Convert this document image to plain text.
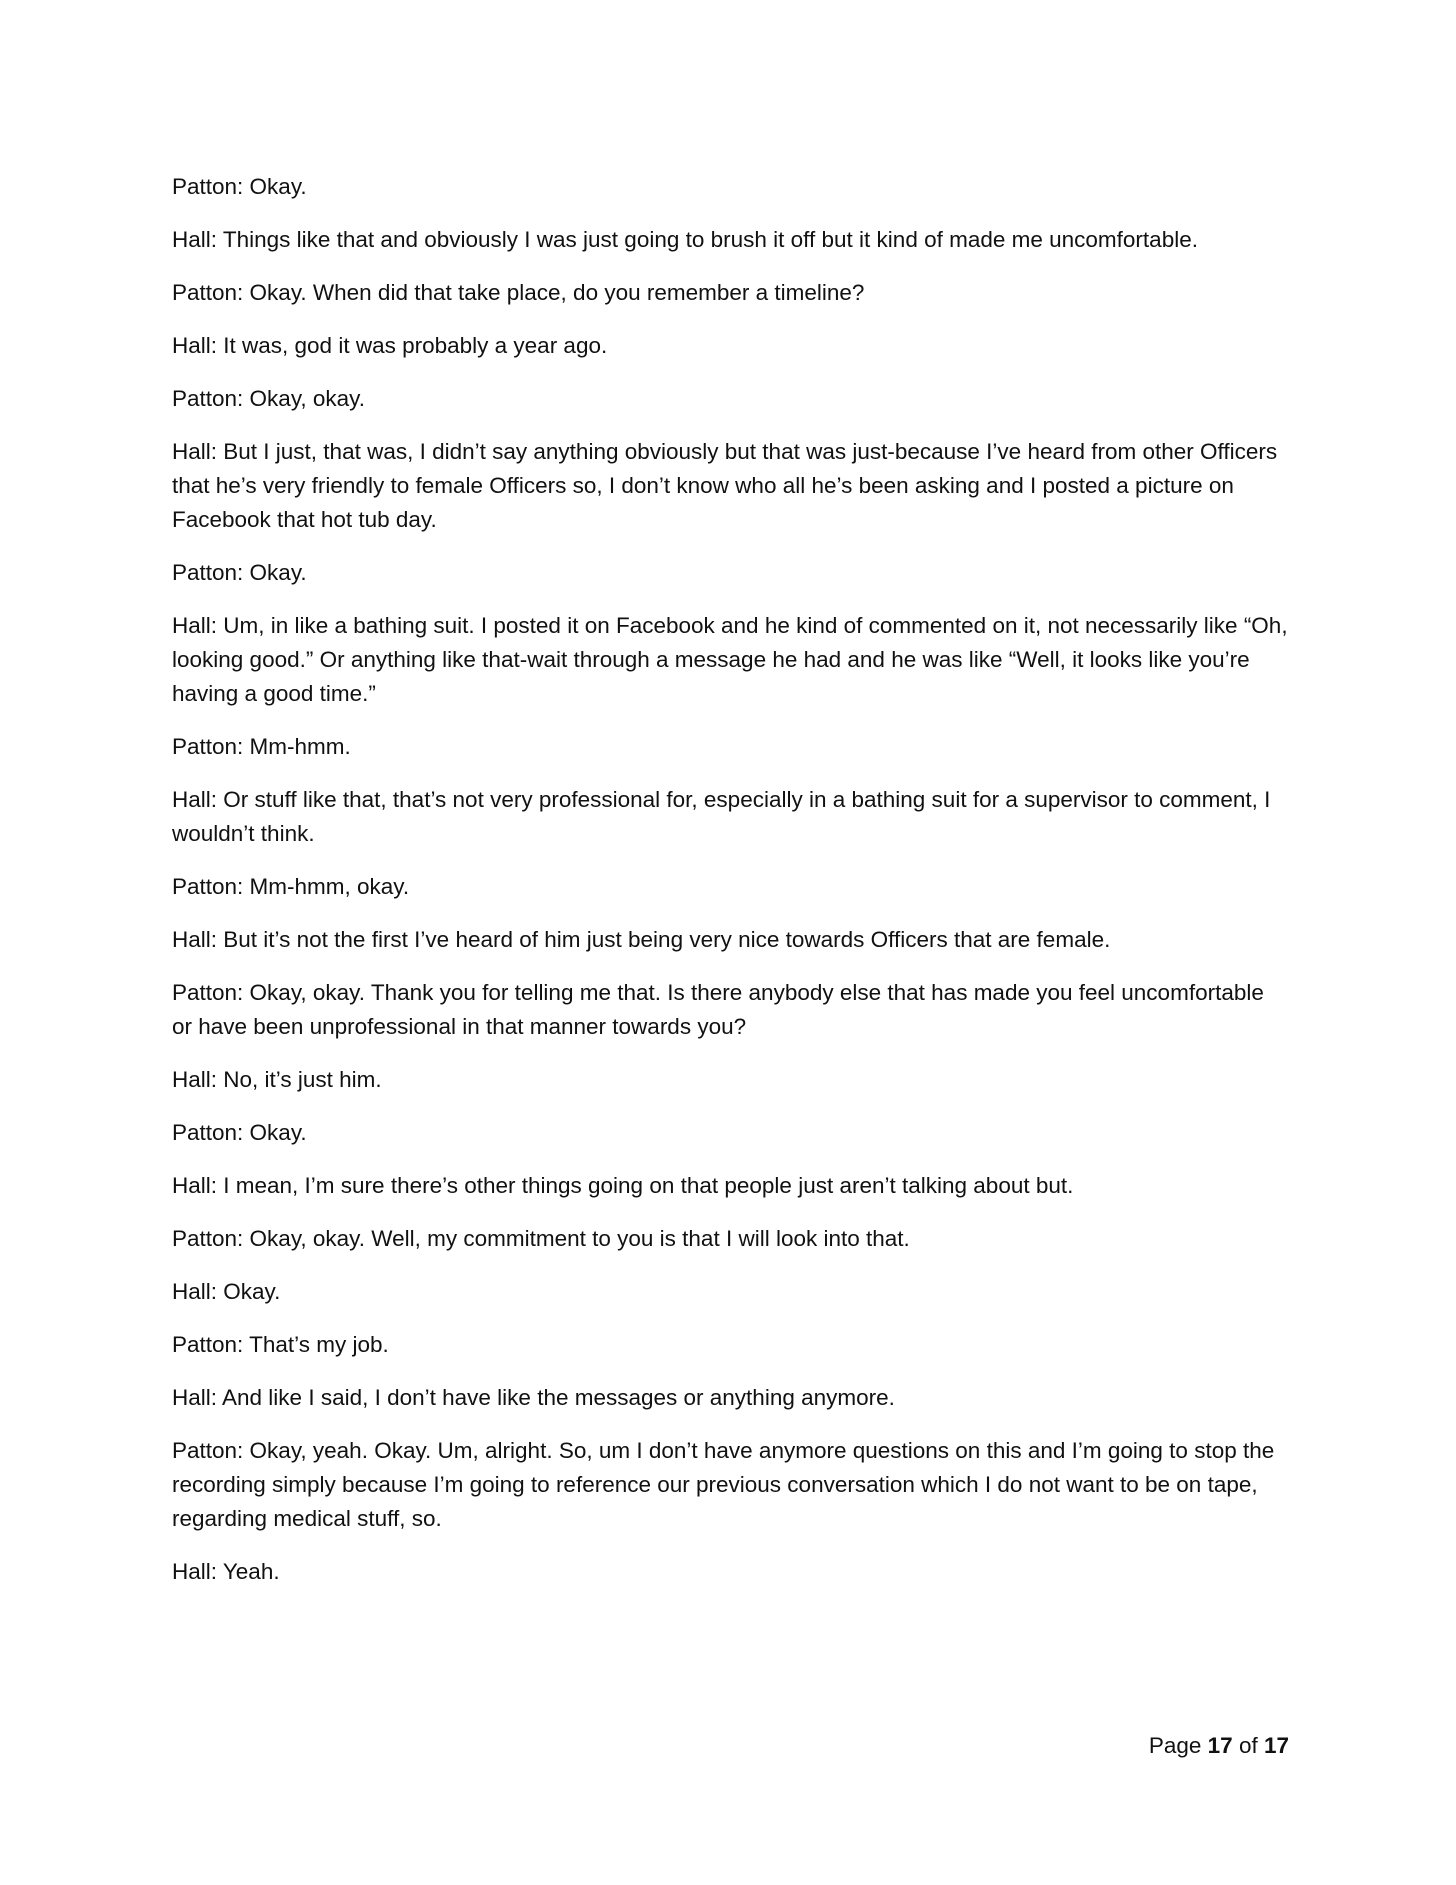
Patton: Okay.

Hall: Things like that and obviously I was just going to brush it off but it kind of made me uncomfortable.

Patton: Okay. When did that take place, do you remember a timeline?

Hall: It was, god it was probably a year ago.

Patton: Okay, okay.

Hall: But I just, that was, I didn’t say anything obviously but that was just-because I’ve heard from other Officers that he’s very friendly to female Officers so, I don’t know who all he’s been asking and I posted a picture on Facebook that hot tub day.

Patton: Okay.

Hall: Um, in like a bathing suit. I posted it on Facebook and he kind of commented on it, not necessarily like “Oh, looking good.” Or anything like that-wait through a message he had and he was like “Well, it looks like you’re having a good time.”

Patton: Mm-hmm.

Hall: Or stuff like that, that’s not very professional for, especially in a bathing suit for a supervisor to comment, I wouldn’t think.

Patton: Mm-hmm, okay.

Hall: But it’s not the first I’ve heard of him just being very nice towards Officers that are female.

Patton: Okay, okay. Thank you for telling me that. Is there anybody else that has made you feel uncomfortable or have been unprofessional in that manner towards you?

Hall: No, it’s just him.

Patton: Okay.

Hall: I mean, I’m sure there’s other things going on that people just aren’t talking about but.

Patton: Okay, okay. Well, my commitment to you is that I will look into that.

Hall: Okay.

Patton: That’s my job.

Hall: And like I said, I don’t have like the messages or anything anymore.

Patton: Okay, yeah. Okay. Um, alright. So, um I don’t have anymore questions on this and I’m going to stop the recording simply because I’m going to reference our previous conversation which I do not want to be on tape, regarding medical stuff, so.

Hall: Yeah.

Page 17 of 17
